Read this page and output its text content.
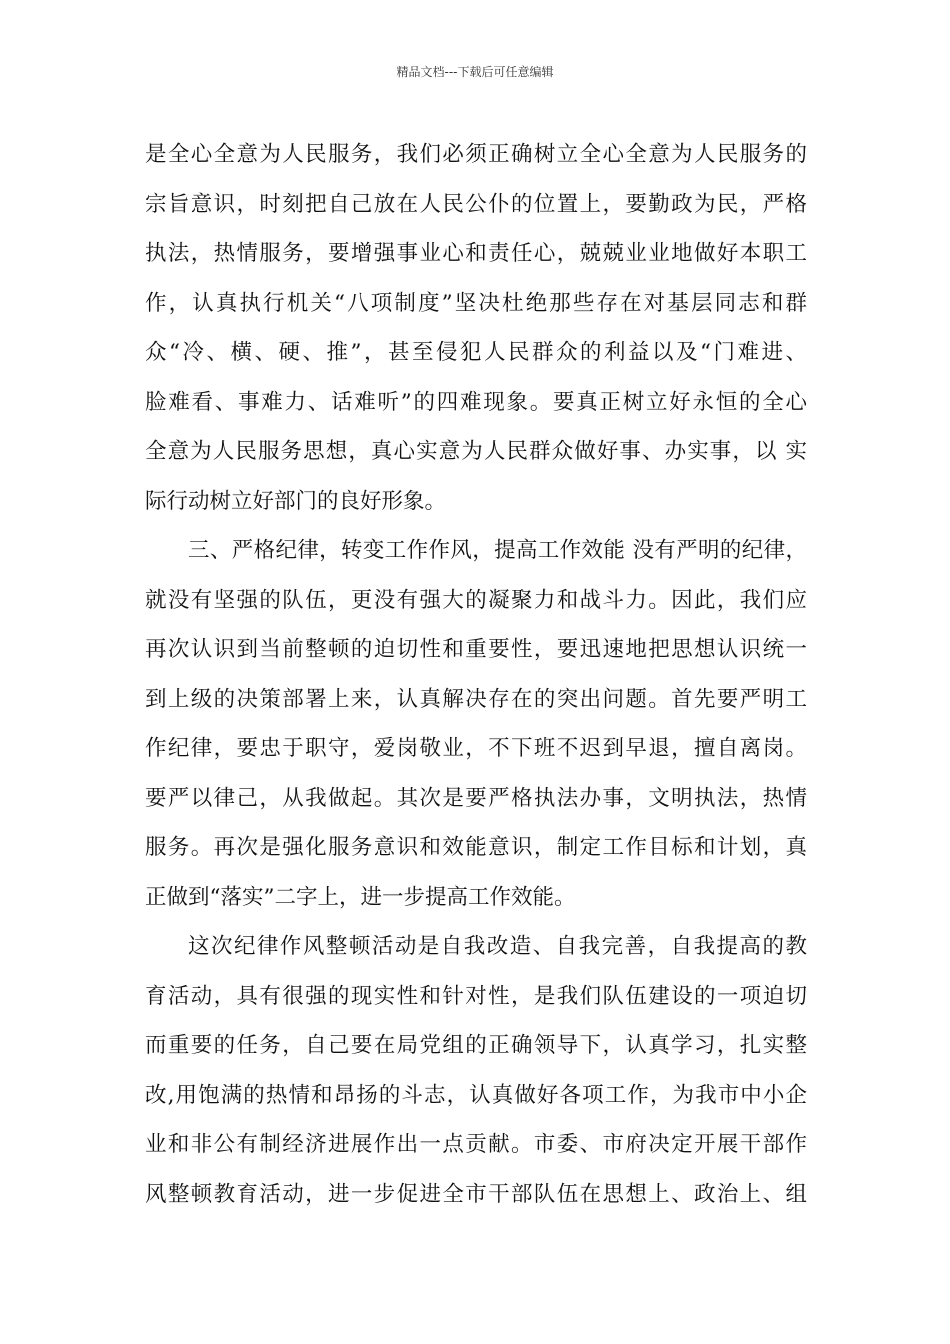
精品文档---下载后可任意编辑
是全心全意为人民服务，我们必须正确树立全心全意为人民服务的
宗旨意识，时刻把自己放在人民公仆的位置上，要勤政为民，严格
执法，热情服务，要增强事业心和责任心，兢兢业业地做好本职工
作，认真执行机关“八项制度”坚决杜绝那些存在对基层同志和群
众“冷、横、硬、推”，甚至侵犯人民群众的利益以及“门难进、
脸难看、事难力、话难听”的四难现象。要真正树立好永恒的全心
全意为人民服务思想，真心实意为人民群众做好事、办实事，以 实
际行动树立好部门的良好形象。
三、严格纪律，转变工作作风，提高工作效能 没有严明的纪律，
就没有坚强的队伍，更没有强大的凝聚力和战斗力。因此，我们应
再次认识到当前整顿的迫切性和重要性，要迅速地把思想认识统一
到上级的决策部署上来，认真解决存在的突出问题。首先要严明工
作纪律，要忠于职守，爱岗敬业，不下班不迟到早退，擅自离岗。
要严以律己，从我做起。其次是要严格执法办事，文明执法，热情
服务。再次是强化服务意识和效能意识，制定工作目标和计划，真
正做到“落实”二字上，进一步提高工作效能。
这次纪律作风整顿活动是自我改造、自我完善，自我提高的教
育活动，具有很强的现实性和针对性，是我们队伍建设的一项迫切
而重要的任务，自己要在局党组的正确领导下，认真学习，扎实整
改,用饱满的热情和昂扬的斗志，认真做好各项工作，为我市中小企
业和非公有制经济进展作出一点贡献。市委、市府决定开展干部作
风整顿教育活动，进一步促进全市干部队伍在思想上、政治上、组
